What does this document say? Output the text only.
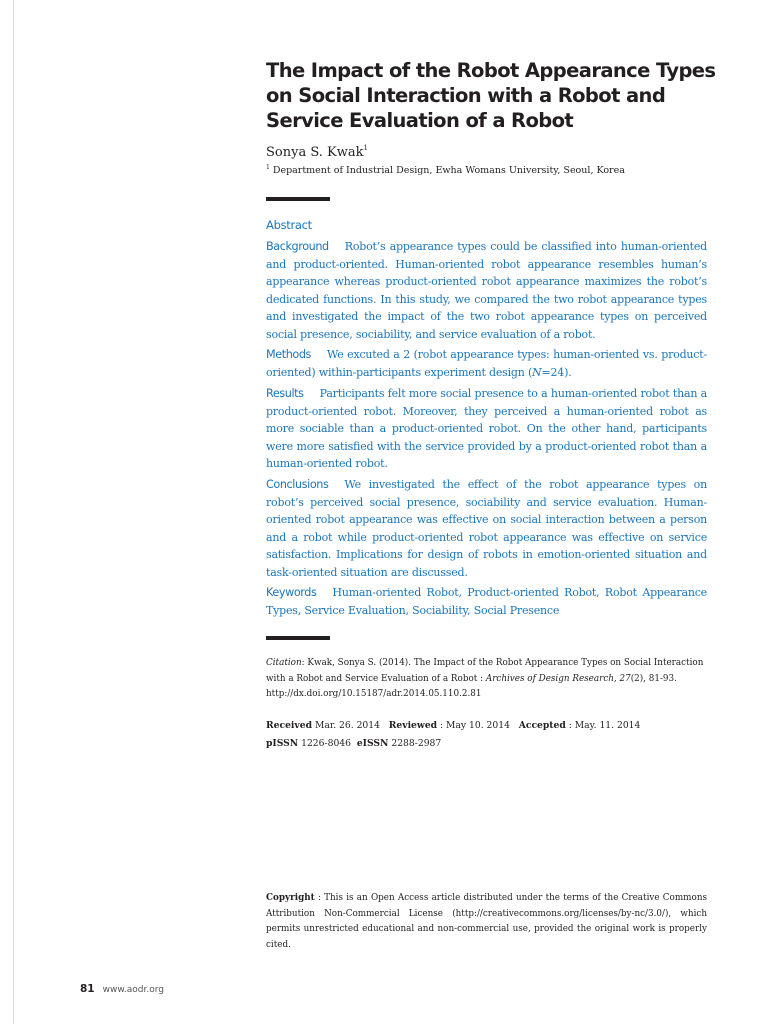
The Impact of the Robot Appearance Types on Social Interaction with a Robot and Service Evaluation of a Robot
Sonya S. Kwak$^1$
$^1$ Department of Industrial Design, Ewha Womans University, Seoul, Korea
Abstract

Background Robot’s appearance types could be classified into human-oriented and product-oriented. Human-oriented robot appearance resembles human’s appearance whereas product-oriented robot appearance maximizes the robot’s dedicated functions. In this study, we compared the two robot appearance types and investigated the impact of the two robot appearance types on perceived social presence, sociability, and service evaluation of a robot.

Methods We excuted a 2 (robot appearance types: human-oriented vs. product-oriented) within-participants experiment design (N=24).

Results Participants felt more social presence to a human-oriented robot than a product-oriented robot. Moreover, they perceived a human-oriented robot as more sociable than a product-oriented robot. On the other hand, participants were more satisfied with the service provided by a product-oriented robot than a human-oriented robot.

Conclusions We investigated the effect of the robot appearance types on robot’s perceived social presence, sociability and service evaluation. Human-oriented robot appearance was effective on social interaction between a person and a robot while product-oriented robot appearance was effective on service satisfaction. Implications for design of robots in emotion-oriented situation and task-oriented situation are discussed.

Keywords Human-oriented Robot, Product-oriented Robot, Robot Appearance Types, Service Evaluation, Sociability, Social Presence

Citation: Kwak, Sonya S. (2014). The Impact of the Robot Appearance Types on Social Interaction with a Robot and Service Evaluation of a Robot : Archives of Design Research, 27(2), 81-93.
http://dx.doi.org/10.15187/adr.2014.05.110.2.81
Received Mar. 26. 2014 Reviewed : May 10. 2014 Accepted : May. 11. 2014
pISSN 1226-8046 eISSN 2288-2987
Copyright : This is an Open Access article distributed under the terms of the Creative Commons Attribution Non-Commercial License (http://creativecommons.org/licenses/by-nc/3.0/), which permits unrestricted educational and non-commercial use, provided the original work is properly cited.
81 www.aodr.org
